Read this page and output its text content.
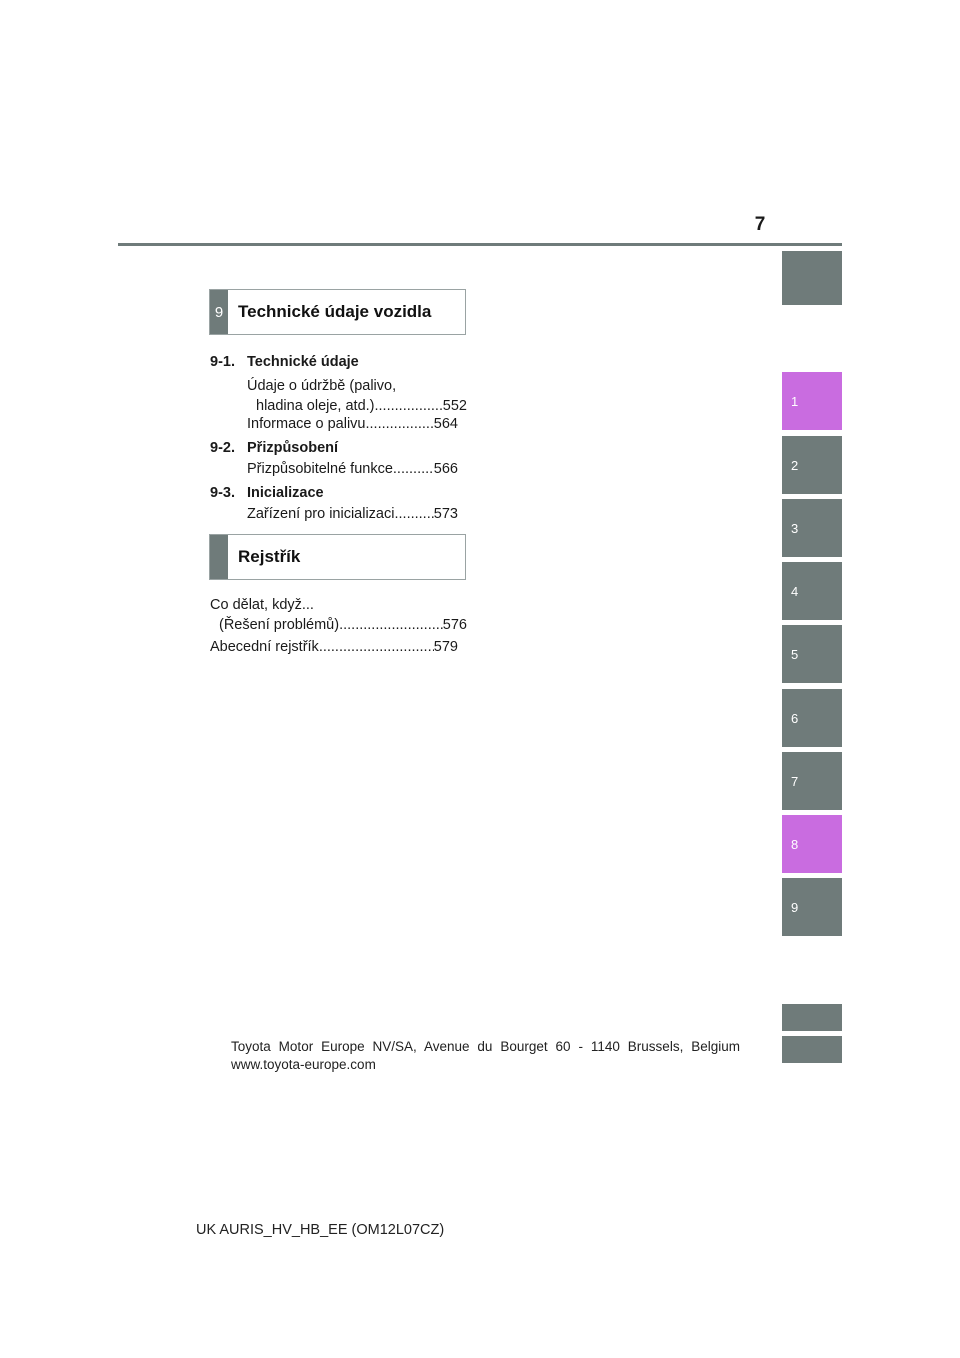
7
1
2
3
4
5
6
7
8
9
9 Technické údaje vozidla
9-1. Technické údaje
Údaje o údržbě (palivo,
hladina oleje, atd.) .....	552
Informace o palivu .....	564
9-2. Přizpůsobení
Přizpůsobitelné funkce .....	566
9-3. Inicializace
Zařízení pro inicializaci .....	573
Rejstřík
Co dělat, když...
(Řešení problémů) .....	576
Abecední rejstřík .....	579
Toyota Motor Europe NV/SA, Avenue du Bourget 60 - 1140 Brussels, Belgium
www.toyota-europe.com
UK AURIS_HV_HB_EE (OM12L07CZ)
